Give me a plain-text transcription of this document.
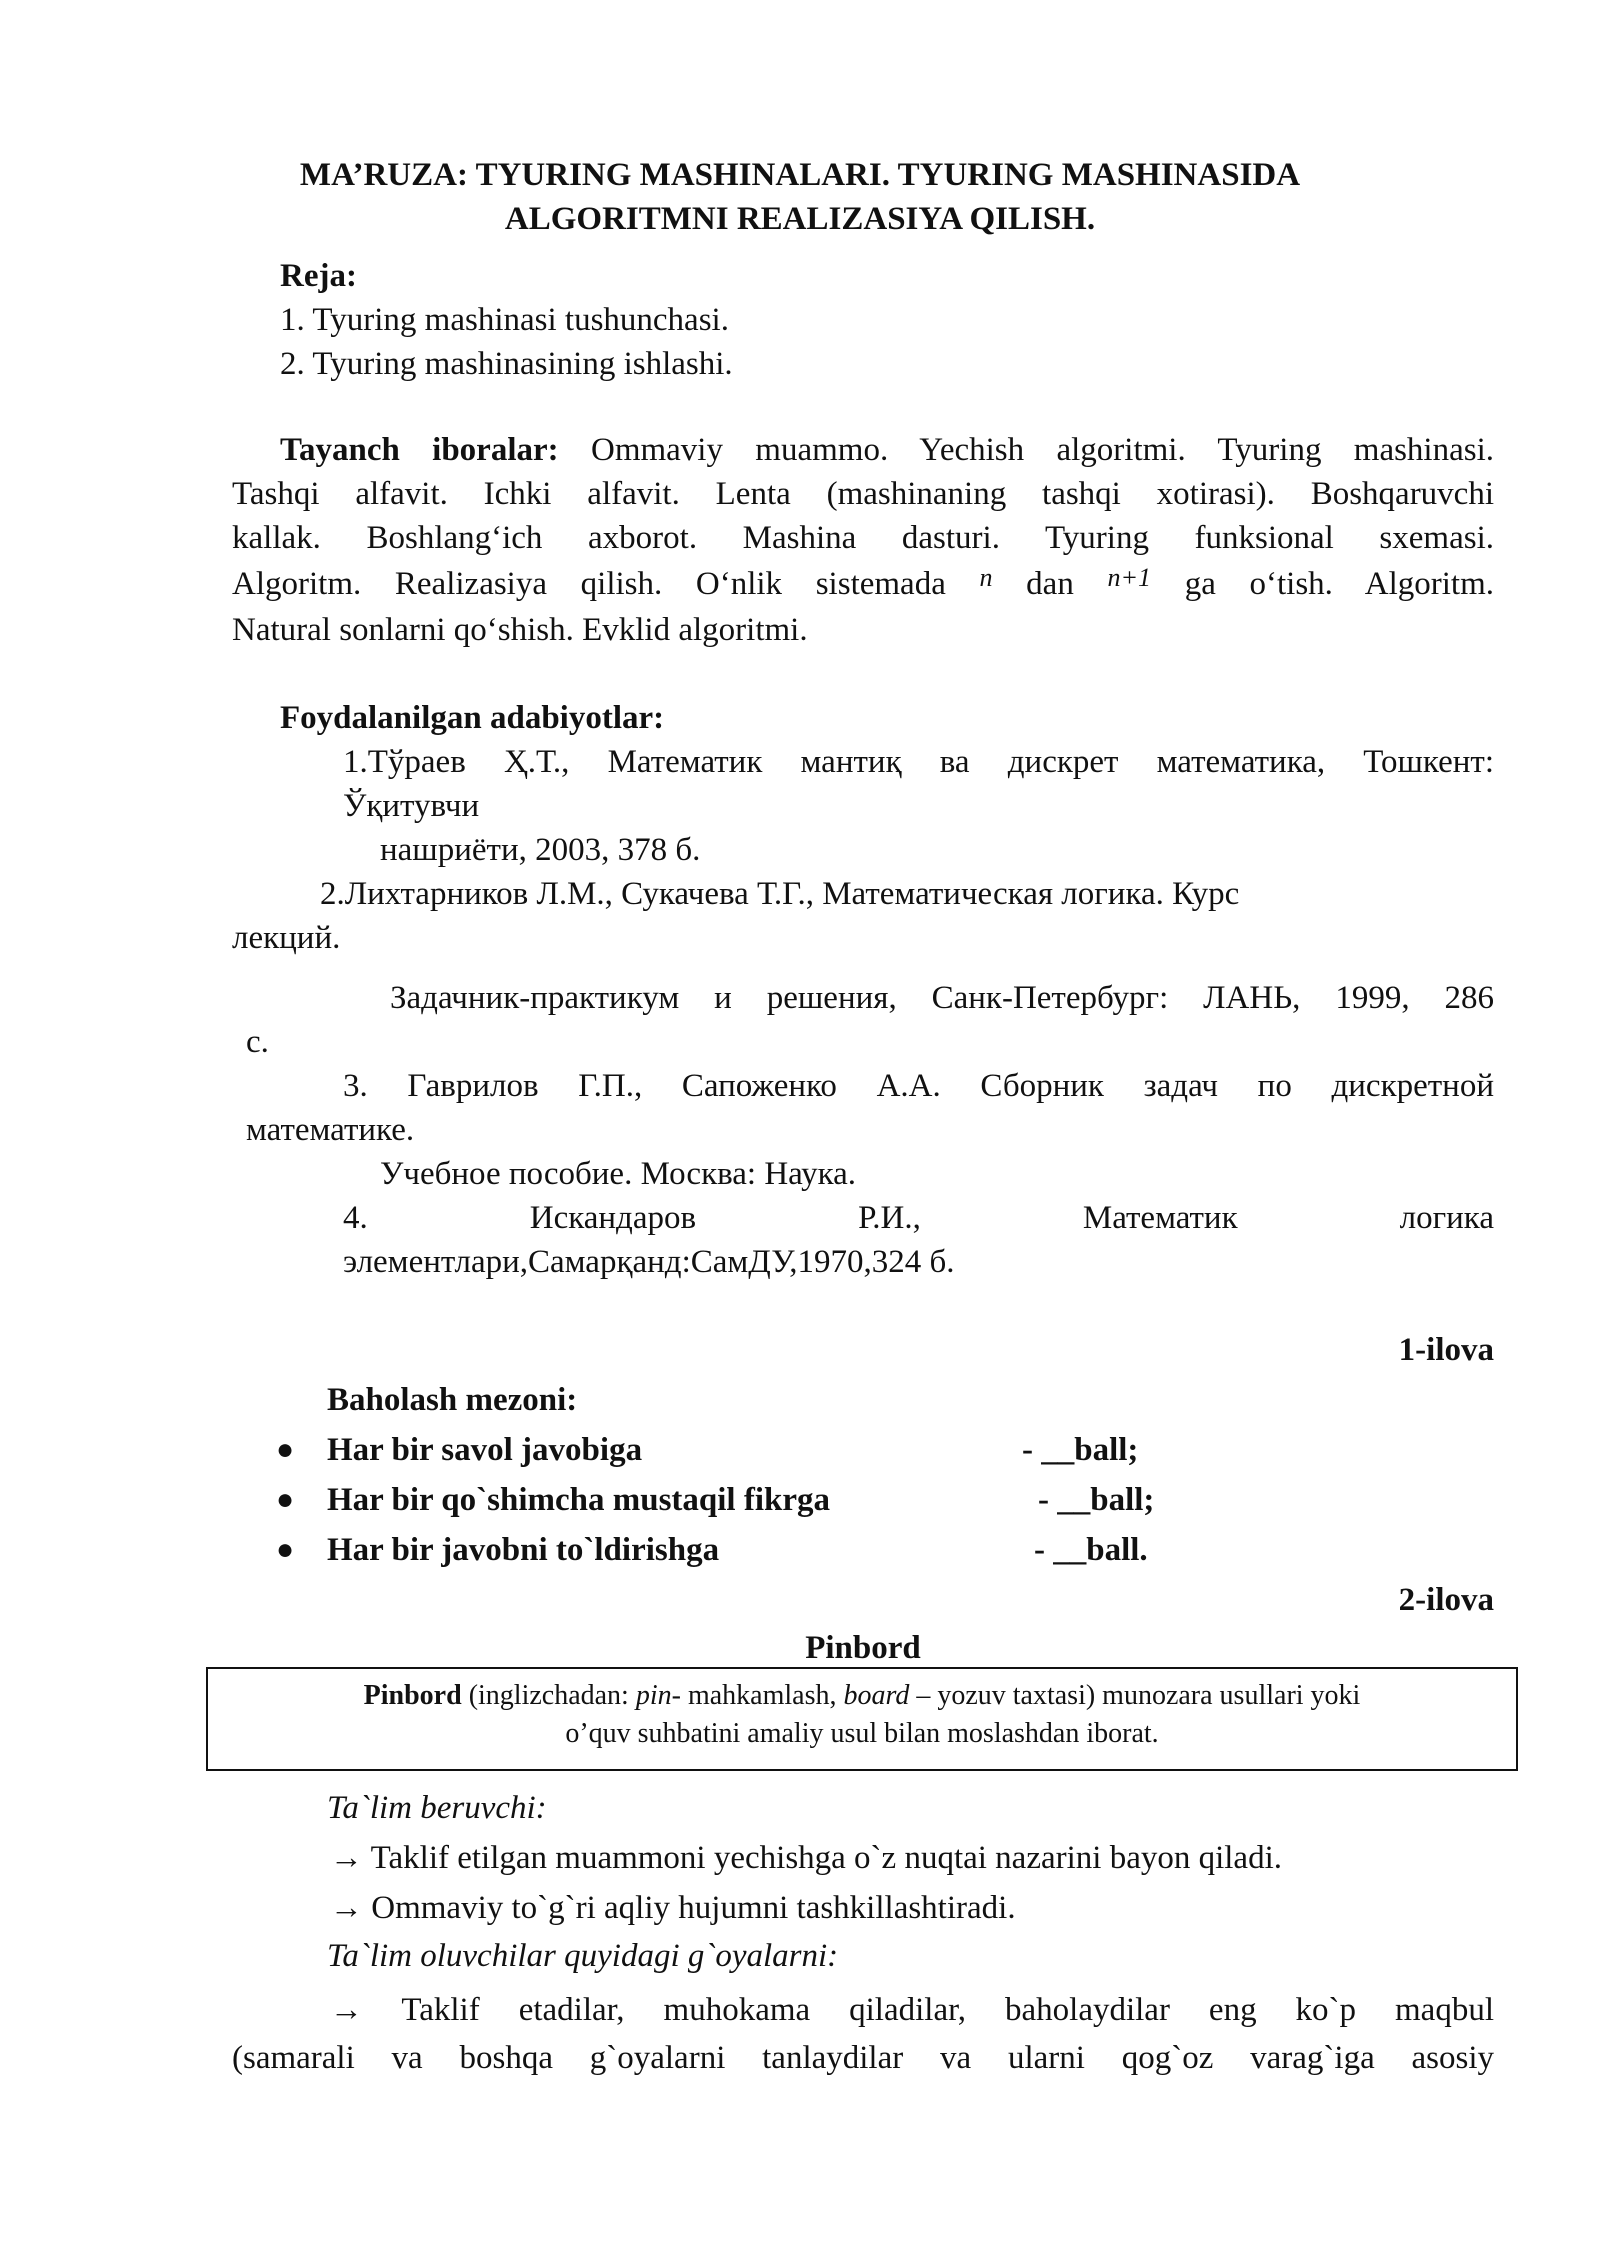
MA’RUZA: TYURING MASHINALARI. TYURING MASHINASIDA
ALGORITMNI REALIZASIYA QILISH.
Reja:
1. Tyuring mashinasi tushunchasi.
2. Tyuring mashinasining ishlashi.
Tayanch iboralar: Ommaviy muammo. Yechish algoritmi. Tyuring mashinasi.
Tashqi alfavit. Ichki alfavit. Lenta (mashinaning tashqi xotirasi). Boshqaruvchi
kallak. Boshlang‘ich axborot. Mashina dasturi. Tyuring funksional sxemasi.
Algoritm. Realizasiya qilish. O‘nlik sistemada $^n$ dan $^{n+1}$ ga o‘tish. Algoritm.
Natural sonlarni qo‘shish. Evklid algoritmi.
Foydalanilgan adabiyotlar:
1.Тўраев Ҳ.Т., Математик мантиқ ва дискрет математика, Тошкент:
Ўқитувчи
нашриёти, 2003, 378 б.
2.Лихтарников Л.М., Сукачева Т.Г., Математическая логика. Курс
лекций.
Задачник-практикум и решения, Санк-Петербург: ЛАНЬ, 1999, 286
с.
3. Гаврилов Г.П., Сапоженко А.А. Сборник задач по дискретной
математике.
Учебное пособие. Москва: Наука.
4.	Искандаров	Р.И.,	Математик	логика
элементлари,Самарқанд:СамДУ,1970,324 б.
1-ilova
Baholash mezoni:
● Har bir savol javobiga	- __ball;
● Har bir qo`shimcha mustaqil fikrga	- __ball;
● Har bir javobni to`ldirishga	- __ball.
2-ilova
Pinbord
Pinbord (inglizchadan: pin- mahkamlash, board – yozuv taxtasi) munozara usullari yoki
o’quv suhbatini amaliy usul bilan moslashdan iborat.
Ta`lim beruvchi:
→ Taklif etilgan muammoni yechishga o`z nuqtai nazarini bayon qiladi.
→ Ommaviy to`g`ri aqliy hujumni tashkillashtiradi.
Ta`lim oluvchilar quyidagi g`oyalarni:
→ Taklif etadilar, muhokama qiladilar, baholaydilar eng ko`p maqbul
(samarali va boshqa g`oyalarni tanlaydilar va ularni qog`oz varag`iga asosiy
